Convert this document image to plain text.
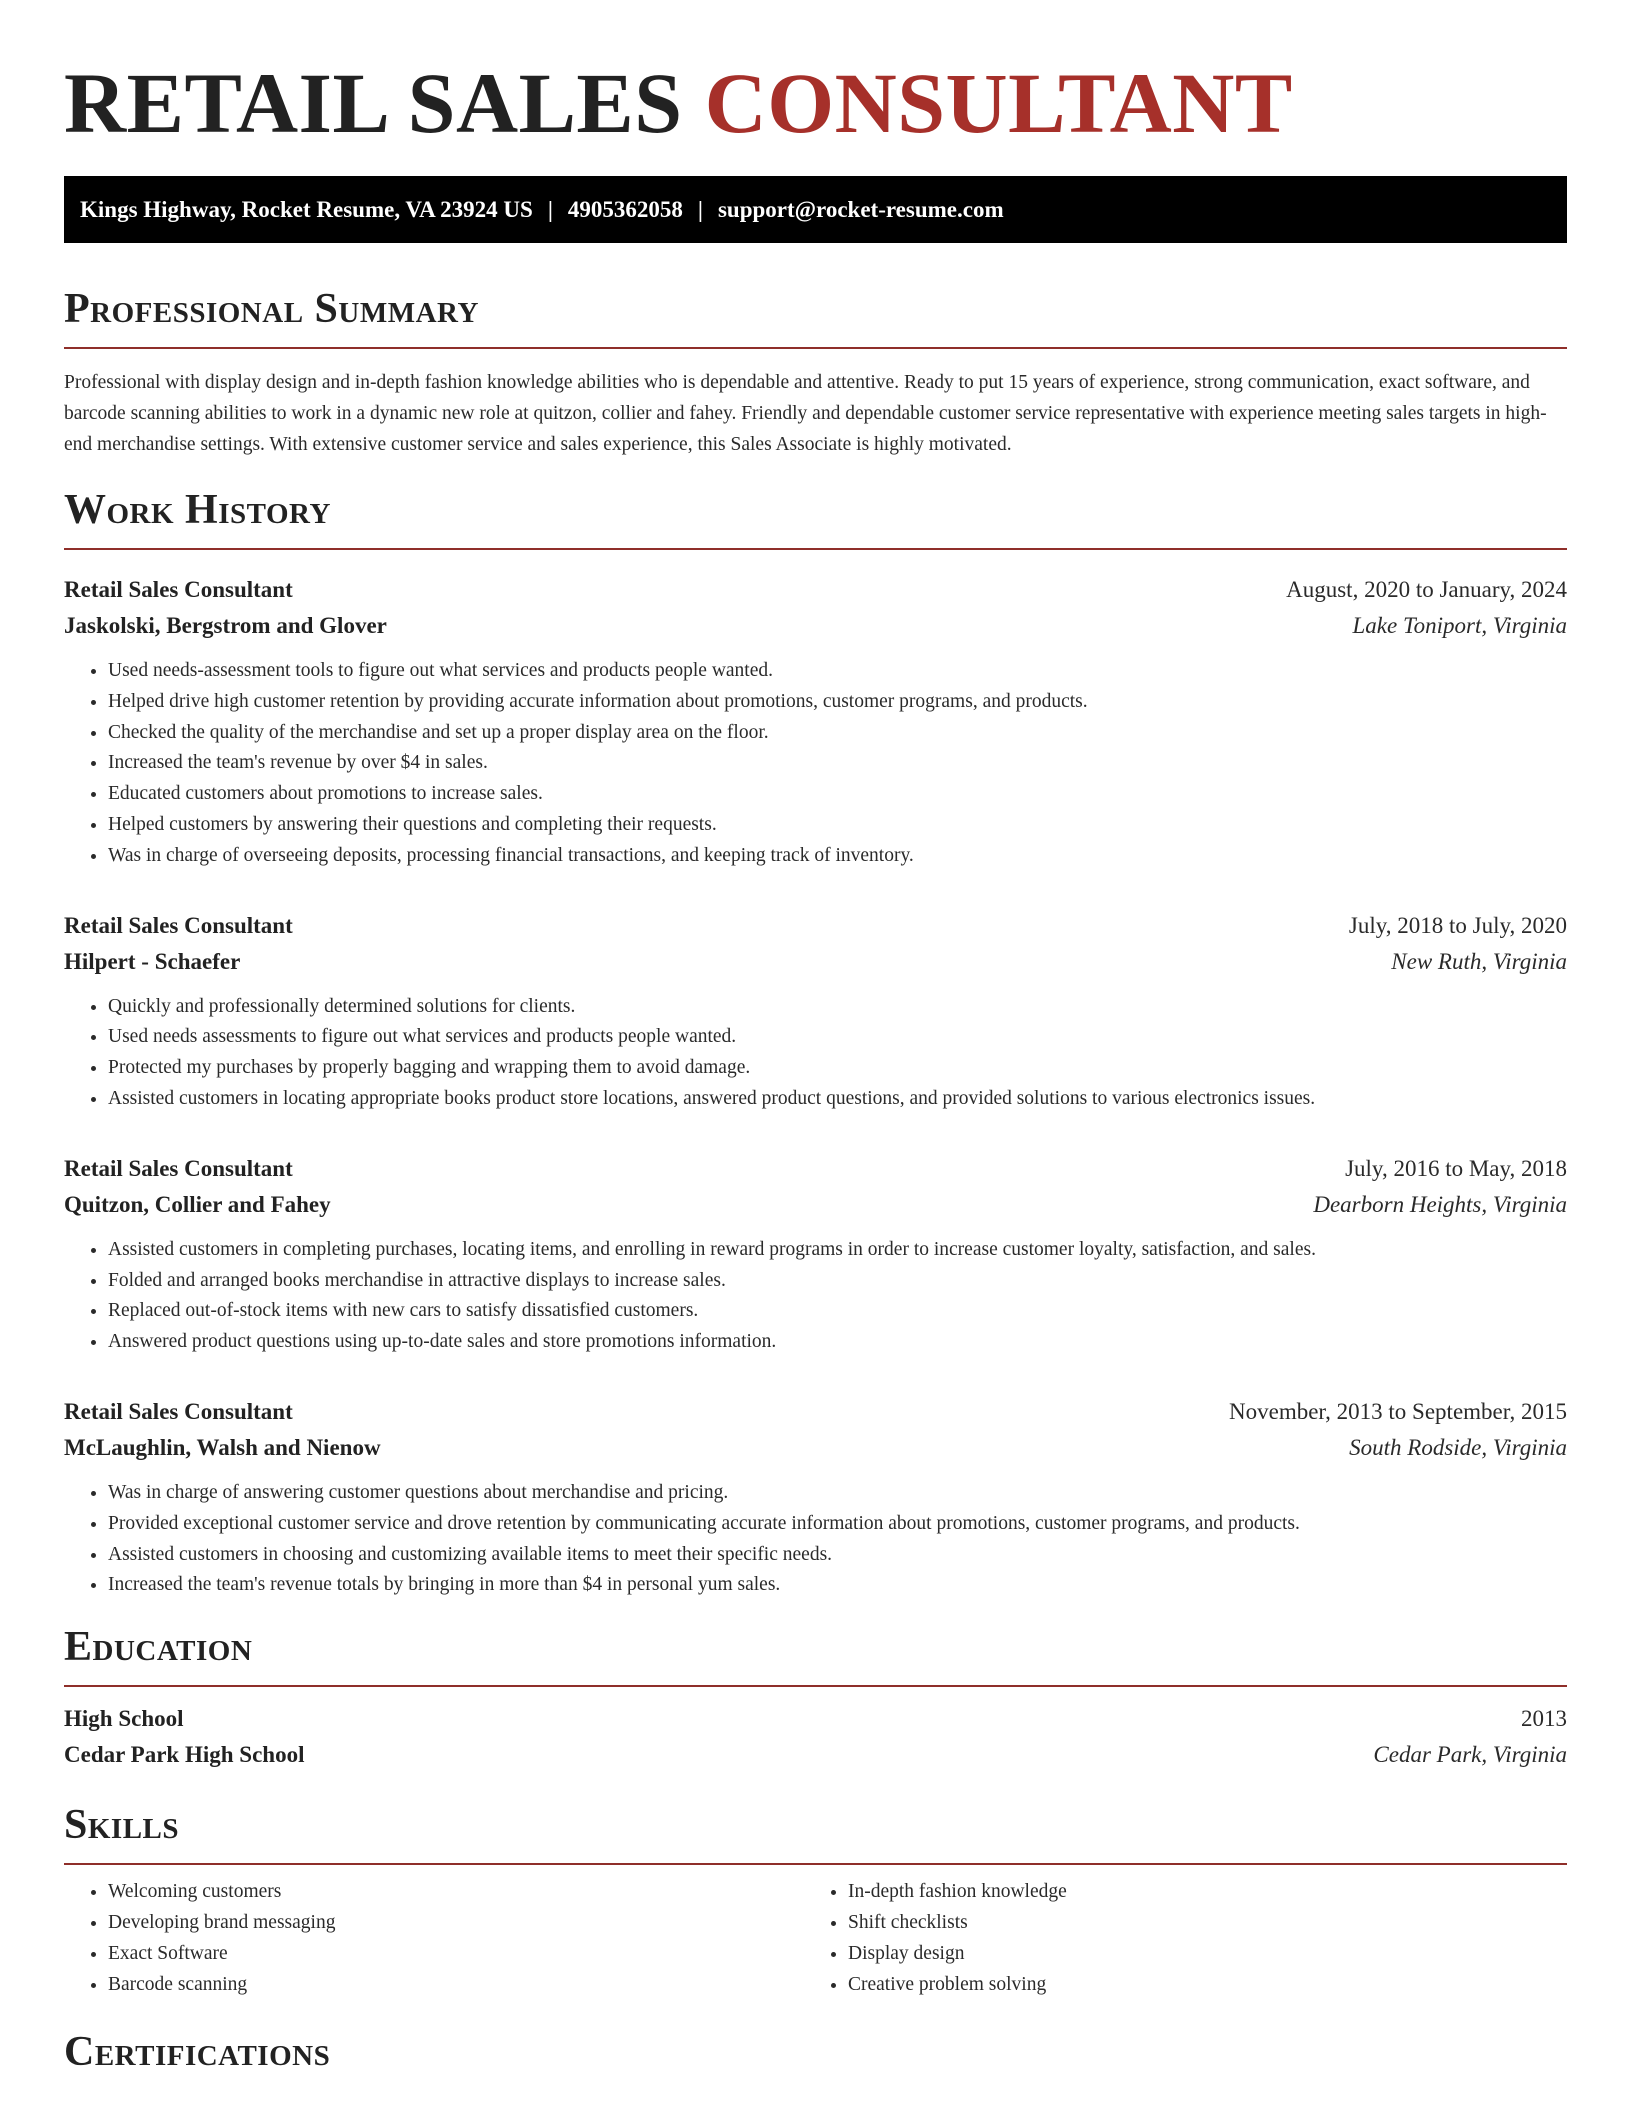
RETAIL SALES CONSULTANT
Kings Highway, Rocket Resume, VA 23924 US | 4905362058 | support@rocket-resume.com
Professional Summary

Professional with display design and in-depth fashion knowledge abilities who is dependable and attentive. Ready to put 15 years of experience, strong communication, exact software, and barcode scanning abilities to work in a dynamic new role at quitzon, collier and fahey. Friendly and dependable customer service representative with experience meeting sales targets in high-end merchandise settings. With extensive customer service and sales experience, this Sales Associate is highly motivated.

Work History
Retail Sales Consultant	August, 2020 to January, 2024
Jaskolski, Bergstrom and Glover	Lake Toniport, Virginia
• Used needs-assessment tools to figure out what services and products people wanted.
• Helped drive high customer retention by providing accurate information about promotions, customer programs, and products.
• Checked the quality of the merchandise and set up a proper display area on the floor.
• Increased the team's revenue by over $4 in sales.
• Educated customers about promotions to increase sales.
• Helped customers by answering their questions and completing their requests.
• Was in charge of overseeing deposits, processing financial transactions, and keeping track of inventory.
Retail Sales Consultant	July, 2018 to July, 2020
Hilpert - Schaefer	New Ruth, Virginia
• Quickly and professionally determined solutions for clients.
• Used needs assessments to figure out what services and products people wanted.
• Protected my purchases by properly bagging and wrapping them to avoid damage.
• Assisted customers in locating appropriate books product store locations, answered product questions, and provided solutions to various electronics issues.
Retail Sales Consultant	July, 2016 to May, 2018
Quitzon, Collier and Fahey	Dearborn Heights, Virginia
• Assisted customers in completing purchases, locating items, and enrolling in reward programs in order to increase customer loyalty, satisfaction, and sales.
• Folded and arranged books merchandise in attractive displays to increase sales.
• Replaced out-of-stock items with new cars to satisfy dissatisfied customers.
• Answered product questions using up-to-date sales and store promotions information.
Retail Sales Consultant	November, 2013 to September, 2015
McLaughlin, Walsh and Nienow	South Rodside, Virginia
• Was in charge of answering customer questions about merchandise and pricing.
• Provided exceptional customer service and drove retention by communicating accurate information about promotions, customer programs, and products.
• Assisted customers in choosing and customizing available items to meet their specific needs.
• Increased the team's revenue totals by bringing in more than $4 in personal yum sales.
Education
High School	2013
Cedar Park High School	Cedar Park, Virginia
Skills
• Welcoming customers
• Developing brand messaging
• Exact Software
• Barcode scanning
• In-depth fashion knowledge
• Shift checklists
• Display design
• Creative problem solving
Certifications
